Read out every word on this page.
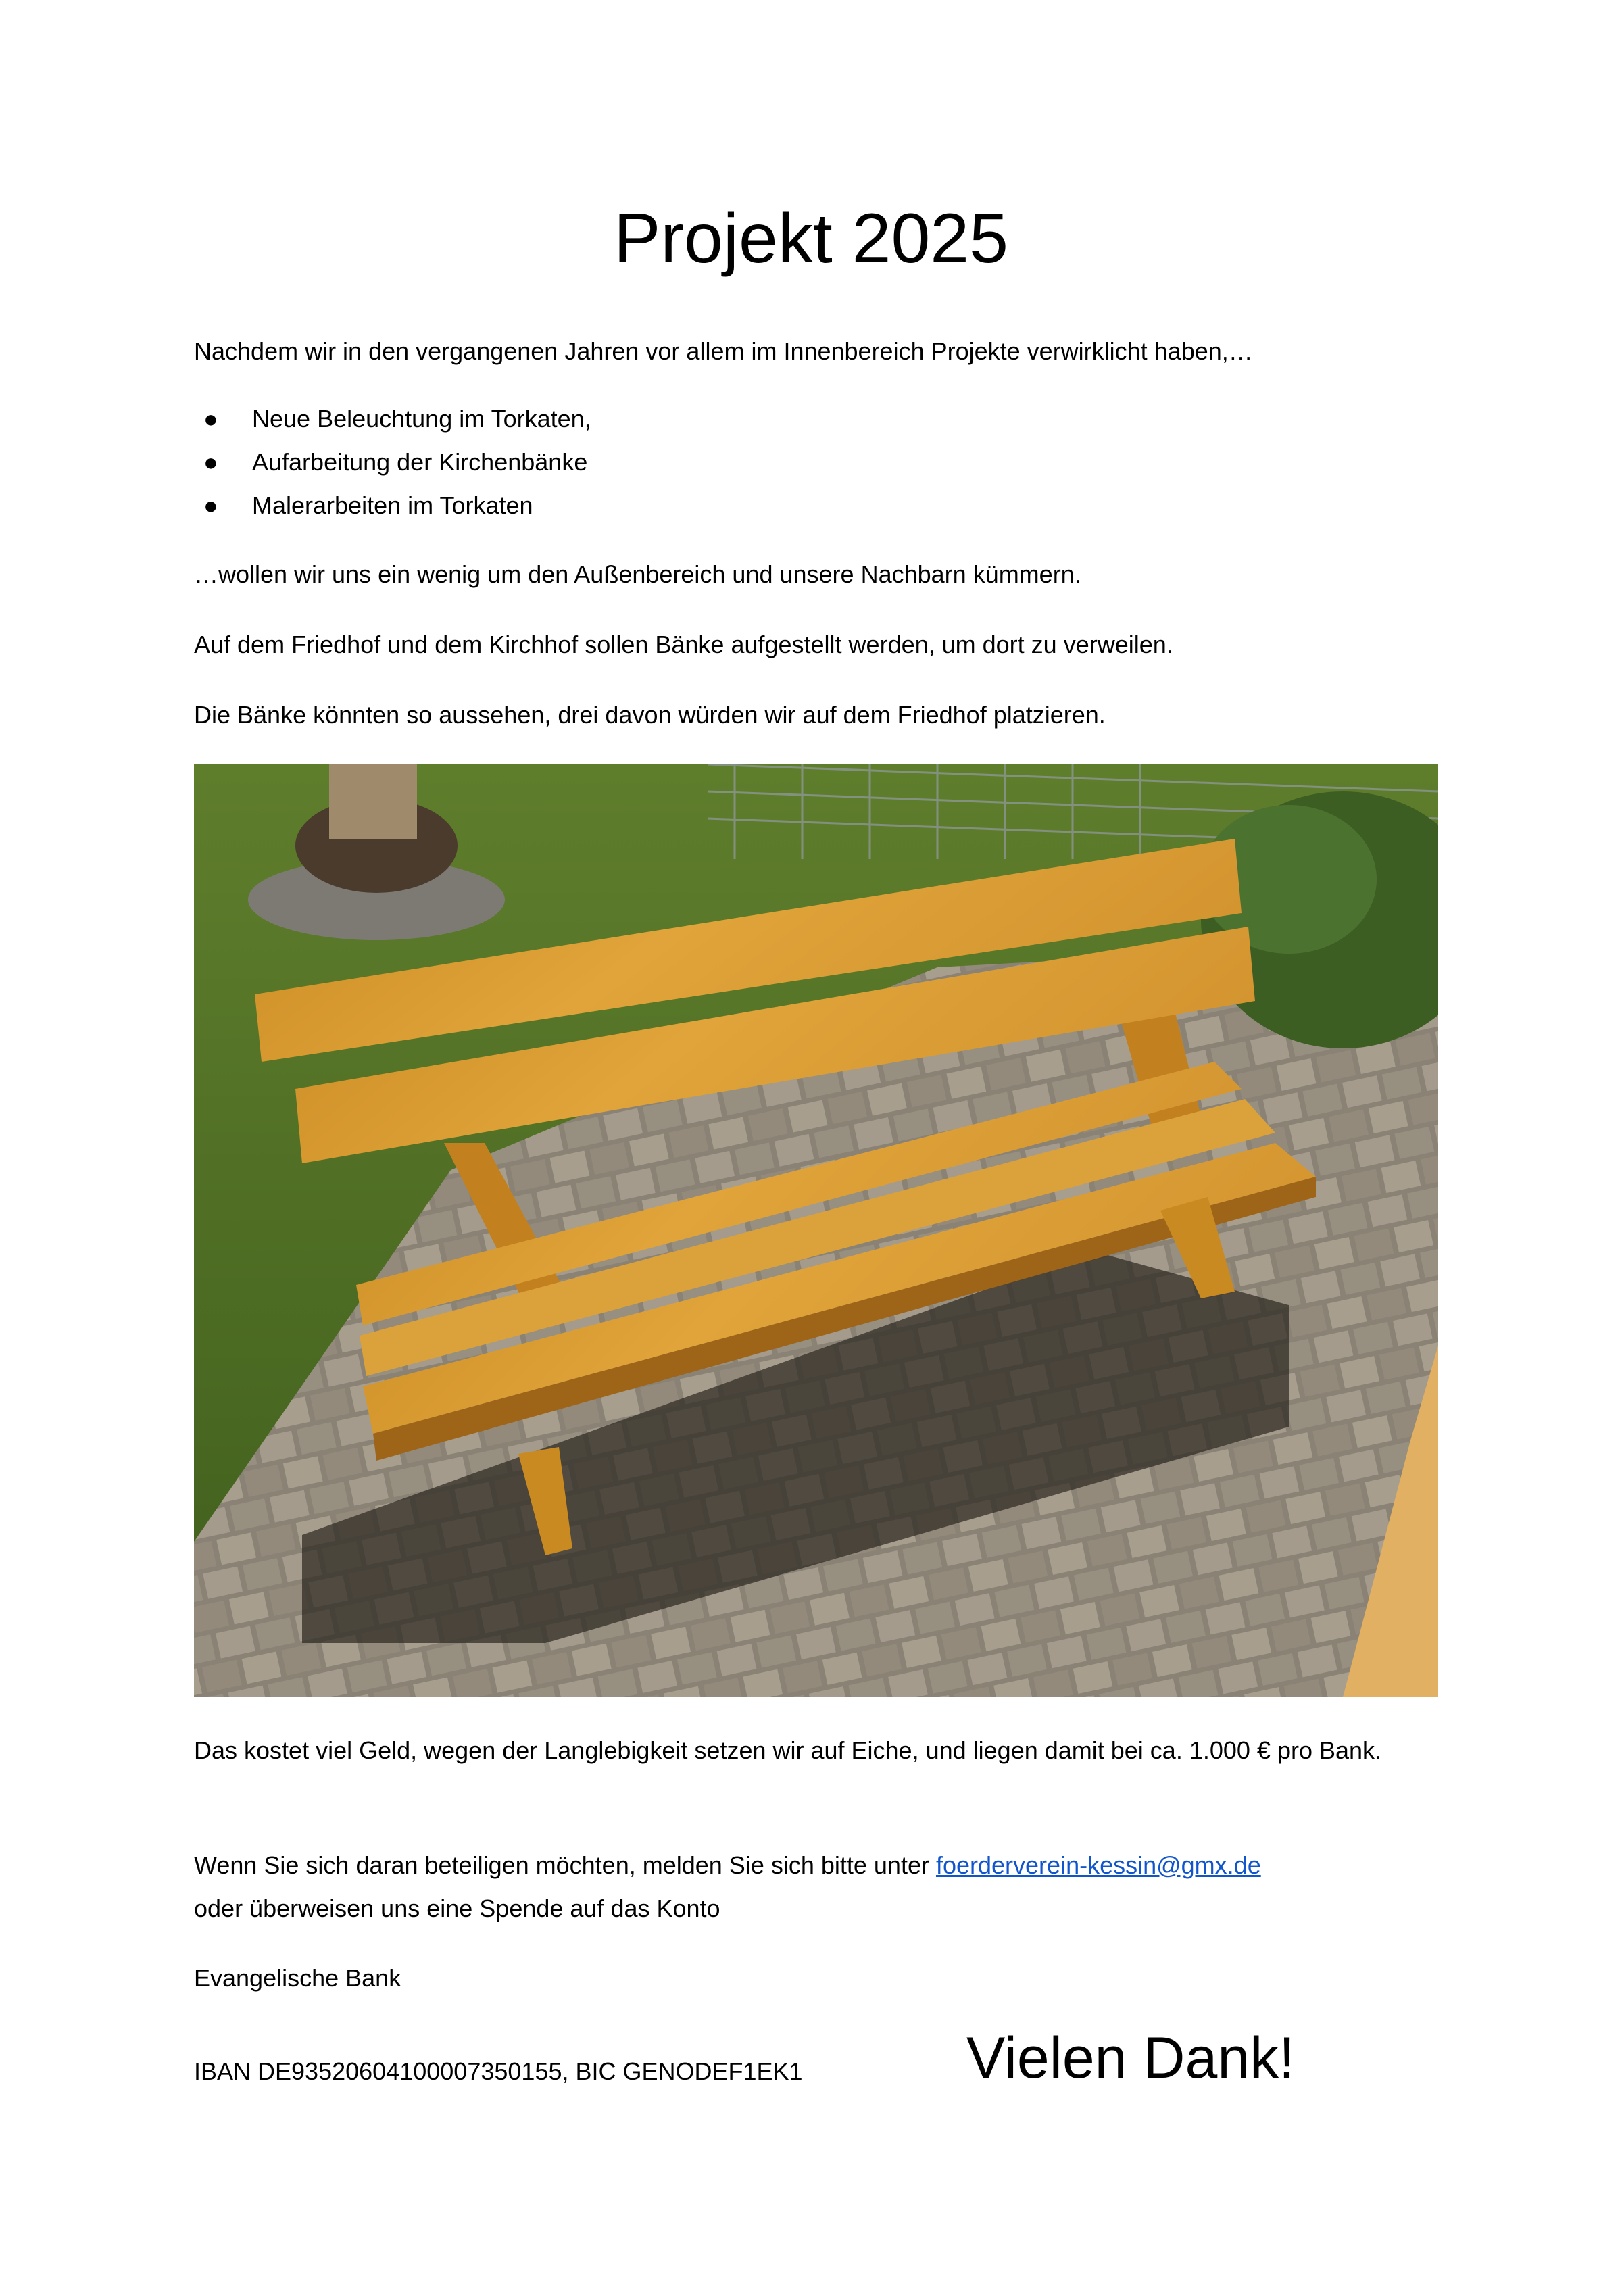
Projekt 2025

Nachdem wir in den vergangenen Jahren vor allem im Innenbereich Projekte verwirklicht haben,…

● Neue Beleuchtung im Torkaten,
● Aufarbeitung der Kirchenbänke
● Malerarbeiten im Torkaten

…wollen wir uns ein wenig um den Außenbereich und unsere Nachbarn kümmern.

Auf dem Friedhof und dem Kirchhof sollen Bänke aufgestellt werden, um dort zu verweilen.

Die Bänke könnten so aussehen, drei davon würden wir auf dem Friedhof platzieren.

Das kostet viel Geld, wegen der Langlebigkeit setzen wir auf Eiche, und liegen damit bei ca. 1.000 € pro Bank.

Wenn Sie sich daran beteiligen möchten, melden Sie sich bitte unter foerderverein-kessin@gmx.de
oder überweisen uns eine Spende auf das Konto

Evangelische Bank

IBAN DE93520604100007350155, BIC GENODEF1EK1	Vielen Dank!
